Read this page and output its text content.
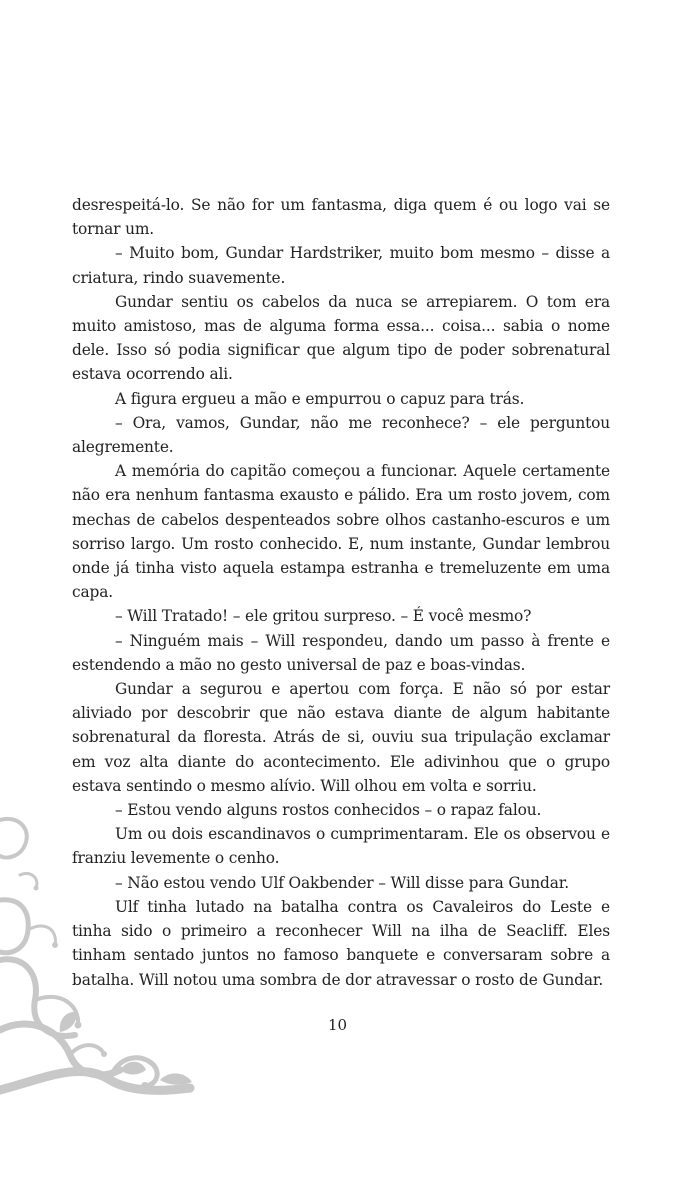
desrespeitá-lo. Se não for um fantasma, diga quem é ou logo vai se tornar um.

– Muito bom, Gundar Hardstriker, muito bom mesmo – disse a criatura, rindo suavemente.

Gundar sentiu os cabelos da nuca se arrepiarem. O tom era muito amistoso, mas de alguma forma essa... coisa... sabia o nome dele. Isso só podia significar que algum tipo de poder sobrenatural estava ocorrendo ali.

A figura ergueu a mão e empurrou o capuz para trás.

– Ora, vamos, Gundar, não me reconhece? – ele perguntou alegremente.

A memória do capitão começou a funcionar. Aquele certamente não era nenhum fantasma exausto e pálido. Era um rosto jovem, com mechas de cabelos despenteados sobre olhos castanho-escuros e um sorriso largo. Um rosto conhecido. E, num instante, Gundar lembrou onde já tinha visto aquela estampa estranha e tremeluzente em uma capa.

– Will Tratado! – ele gritou surpreso. – É você mesmo?

– Ninguém mais – Will respondeu, dando um passo à frente e estendendo a mão no gesto universal de paz e boas-vindas.

Gundar a segurou e apertou com força. E não só por estar aliviado por descobrir que não estava diante de algum habitante sobrenatural da floresta. Atrás de si, ouviu sua tripulação exclamar em voz alta diante do acontecimento. Ele adivinhou que o grupo estava sentindo o mesmo alívio. Will olhou em volta e sorriu.

– Estou vendo alguns rostos conhecidos – o rapaz falou.

Um ou dois escandinavos o cumprimentaram. Ele os observou e franziu levemente o cenho.

– Não estou vendo Ulf Oakbender – Will disse para Gundar.

Ulf tinha lutado na batalha contra os Cavaleiros do Leste e tinha sido o primeiro a reconhecer Will na ilha de Seacliff. Eles tinham sentado juntos no famoso banquete e conversaram sobre a batalha. Will notou uma sombra de dor atravessar o rosto de Gundar.

10
